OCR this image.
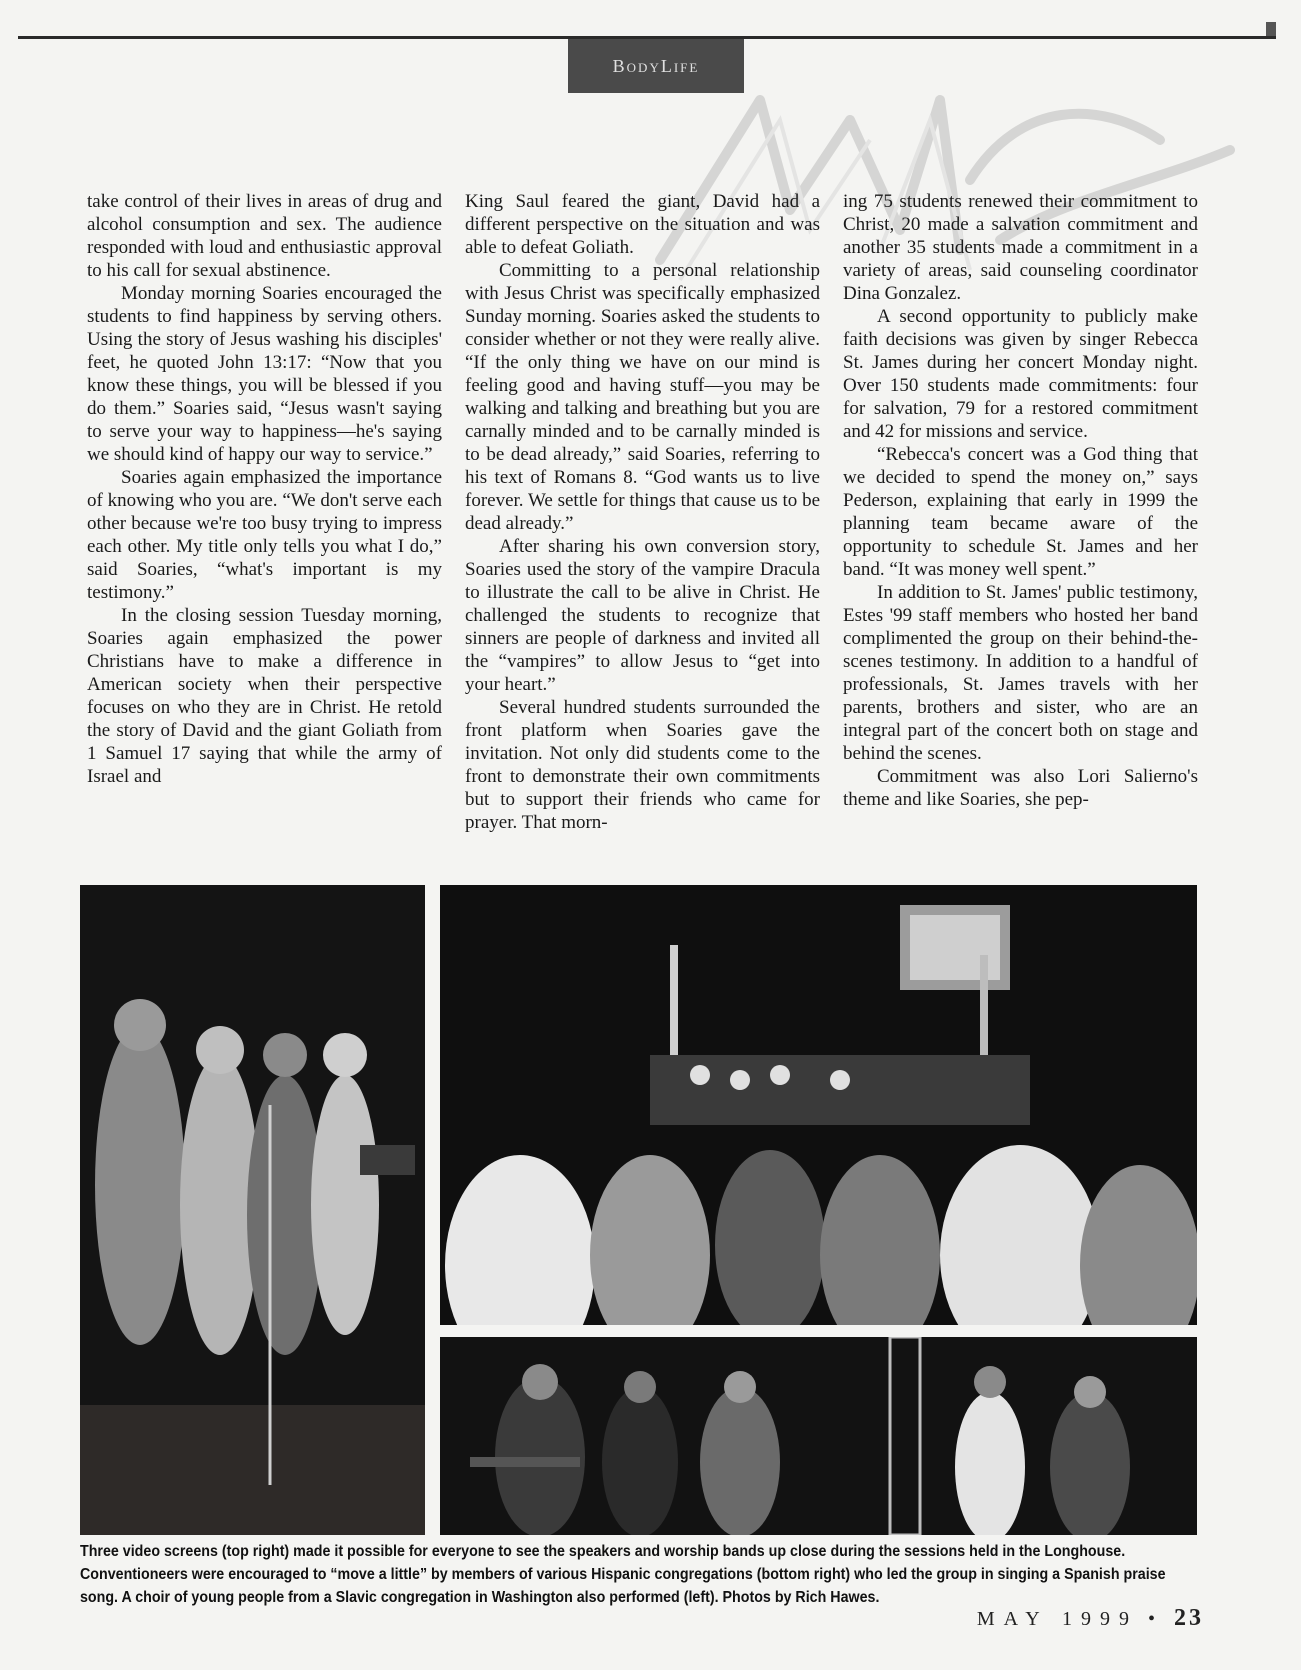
BodyLife

take control of their lives in areas of drug and alcohol consumption and sex. The audience responded with loud and enthusiastic approval to his call for sexual abstinence.

Monday morning Soaries encouraged the students to find happiness by serving others. Using the story of Jesus washing his disciples' feet, he quoted John 13:17: “Now that you know these things, you will be blessed if you do them.” Soaries said, “Jesus wasn't saying to serve your way to happiness—he's saying we should kind of happy our way to service.”

Soaries again emphasized the importance of knowing who you are. “We don't serve each other because we're too busy trying to impress each other. My title only tells you what I do,” said Soaries, “what's important is my testimony.”

In the closing session Tuesday morning, Soaries again emphasized the power Christians have to make a difference in American society when their perspective focuses on who they are in Christ. He retold the story of David and the giant Goliath from 1 Samuel 17 saying that while the army of Israel and

King Saul feared the giant, David had a different perspective on the situation and was able to defeat Goliath.

Committing to a personal relationship with Jesus Christ was specifically emphasized Sunday morning. Soaries asked the students to consider whether or not they were really alive. “If the only thing we have on our mind is feeling good and having stuff—you may be walking and talking and breathing but you are carnally minded and to be carnally minded is to be dead already,” said Soaries, referring to his text of Romans 8. “God wants us to live forever. We settle for things that cause us to be dead already.”

After sharing his own conversion story, Soaries used the story of the vampire Dracula to illustrate the call to be alive in Christ. He challenged the students to recognize that sinners are people of darkness and invited all the “vampires” to allow Jesus to “get into your heart.”

Several hundred students surrounded the front platform when Soaries gave the invitation. Not only did students come to the front to demonstrate their own commitments but to support their friends who came for prayer. That morn-

ing 75 students renewed their commitment to Christ, 20 made a salvation commitment and another 35 students made a commitment in a variety of areas, said counseling coordinator Dina Gonzalez.

A second opportunity to publicly make faith decisions was given by singer Rebecca St. James during her concert Monday night. Over 150 students made commitments: four for salvation, 79 for a restored commitment and 42 for missions and service.

“Rebecca's concert was a God thing that we decided to spend the money on,” says Pederson, explaining that early in 1999 the planning team became aware of the opportunity to schedule St. James and her band. “It was money well spent.”

In addition to St. James' public testimony, Estes '99 staff members who hosted her band complimented the group on their behind-the-scenes testimony. In addition to a handful of professionals, St. James travels with her parents, brothers and sister, who are an integral part of the concert both on stage and behind the scenes.

Commitment was also Lori Salierno's theme and like Soaries, she pep-

Three video screens (top right) made it possible for everyone to see the speakers and worship bands up close during the sessions held in the Longhouse. Conventioneers were encouraged to “move a little” by members of various Hispanic congregations (bottom right) who led the group in singing a Spanish praise song. A choir of young people from a Slavic congregation in Washington also performed (left). Photos by Rich Hawes.
MAY 1999 • 23
